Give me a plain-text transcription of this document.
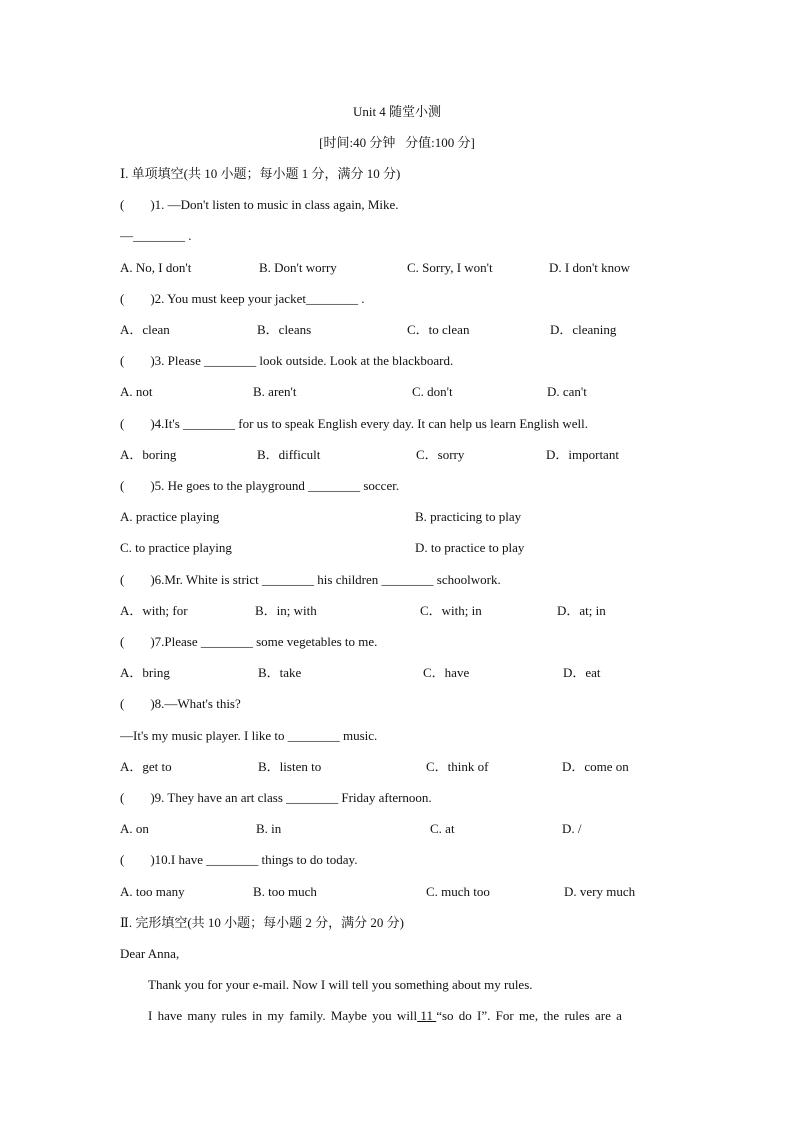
Unit 4 随堂小测
[时间:40 分钟   分值:100 分]
Ⅰ. 单项填空(共 10 小题；每小题 1 分，满分 10 分)
(        )1. —Don't listen to music in class again, Mike.
—________ .
A. No, I don't	B. Don't worry	C. Sorry, I won't	D. I don't know
(        )2. You must keep your jacket________ .
A．clean	B．cleans	C．to clean	D．cleaning
(        )3. Please ________ look outside. Look at the blackboard.
A. not	B. aren't	C. don't	D. can't
(        )4.It's ________ for us to speak English every day. It can help us learn English well.
A．boring	B．difficult	C．sorry	D．important
(        )5. He goes to the playground ________ soccer.
A. practice playing	B. practicing to play
C. to practice playing	D. to practice to play
(        )6.Mr. White is strict ________ his children ________ schoolwork.
A．with; for	B．in; with	C．with; in	D．at; in
(        )7.Please ________ some vegetables to me.
A．bring	B．take	C．have	D．eat
(        )8.—What's this?
—It's my music player. I like to ________ music.
A．get to	B．listen to	C．think of	D．come on
(        )9. They have an art class ________ Friday afternoon.
A. on	B. in	C. at	D. /
(        )10.I have ________ things to do today.
A. too many	B. too much	C. much too	D. very much
Ⅱ. 完形填空(共 10 小题；每小题 2 分，满分 20 分)
Dear Anna,
Thank you for your e-mail. Now I will tell you something about my rules.
I have many rules in my family. Maybe you will 11 “so do I”. For me, the rules are a
